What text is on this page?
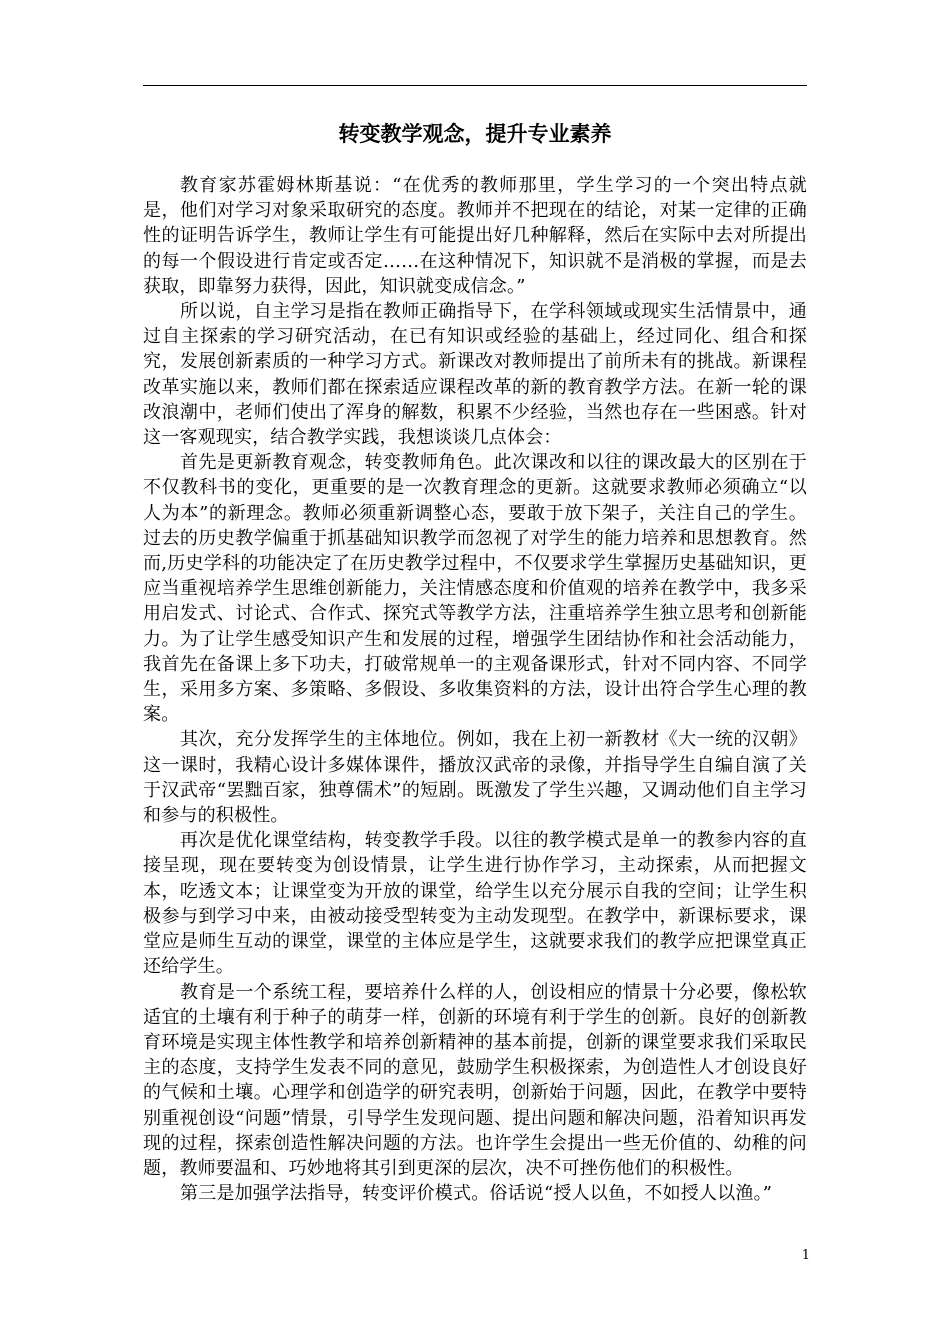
转变教学观念，提升专业素养

教育家苏霍姆林斯基说：“在优秀的教师那里，学生学习的一个突出特点就是，他们对学习对象采取研究的态度。教师并不把现在的结论，对某一定律的正确性的证明告诉学生，教师让学生有可能提出好几种解释，然后在实际中去对所提出的每一个假设进行肯定或否定……在这种情况下，知识就不是消极的掌握，而是去获取，即靠努力获得，因此，知识就变成信念。”

所以说，自主学习是指在教师正确指导下，在学科领域或现实生活情景中，通过自主探索的学习研究活动，在已有知识或经验的基础上，经过同化、组合和探究，发展创新素质的一种学习方式。新课改对教师提出了前所未有的挑战。新课程改革实施以来，教师们都在探索适应课程改革的新的教育教学方法。在新一轮的课改浪潮中，老师们使出了浑身的解数，积累不少经验，当然也存在一些困惑。针对这一客观现实，结合教学实践，我想谈谈几点体会：

首先是更新教育观念，转变教师角色。此次课改和以往的课改最大的区别在于不仅教科书的变化，更重要的是一次教育理念的更新。这就要求教师必须确立“以人为本”的新理念。教师必须重新调整心态，要敢于放下架子，关注自己的学生。过去的历史教学偏重于抓基础知识教学而忽视了对学生的能力培养和思想教育。然而,历史学科的功能决定了在历史教学过程中，不仅要求学生掌握历史基础知识，更应当重视培养学生思维创新能力，关注情感态度和价值观的培养在教学中，我多采用启发式、讨论式、合作式、探究式等教学方法，注重培养学生独立思考和创新能力。为了让学生感受知识产生和发展的过程，增强学生团结协作和社会活动能力，我首先在备课上多下功夫，打破常规单一的主观备课形式，针对不同内容、不同学生，采用多方案、多策略、多假设、多收集资料的方法，设计出符合学生心理的教案。

其次，充分发挥学生的主体地位。例如，我在上初一新教材《大一统的汉朝》这一课时，我精心设计多媒体课件，播放汉武帝的录像，并指导学生自编自演了关于汉武帝“罢黜百家，独尊儒术”的短剧。既激发了学生兴趣，又调动他们自主学习和参与的积极性。

再次是优化课堂结构，转变教学手段。以往的教学模式是单一的教参内容的直接呈现，现在要转变为创设情景，让学生进行协作学习，主动探索，从而把握文本，吃透文本；让课堂变为开放的课堂，给学生以充分展示自我的空间；让学生积极参与到学习中来，由被动接受型转变为主动发现型。在教学中，新课标要求，课堂应是师生互动的课堂，课堂的主体应是学生，这就要求我们的教学应把课堂真正还给学生。

教育是一个系统工程，要培养什么样的人，创设相应的情景十分必要，像松软适宜的土壤有利于种子的萌芽一样，创新的环境有利于学生的创新。良好的创新教育环境是实现主体性教学和培养创新精神的基本前提，创新的课堂要求我们采取民主的态度，支持学生发表不同的意见，鼓励学生积极探索，为创造性人才创设良好的气候和土壤。心理学和创造学的研究表明，创新始于问题，因此，在教学中要特别重视创设“问题”情景，引导学生发现问题、提出问题和解决问题，沿着知识再发现的过程，探索创造性解决问题的方法。也许学生会提出一些无价值的、幼稚的问题，教师要温和、巧妙地将其引到更深的层次，决不可挫伤他们的积极性。

第三是加强学法指导，转变评价模式。俗话说“授人以鱼，不如授人以渔。”

1
